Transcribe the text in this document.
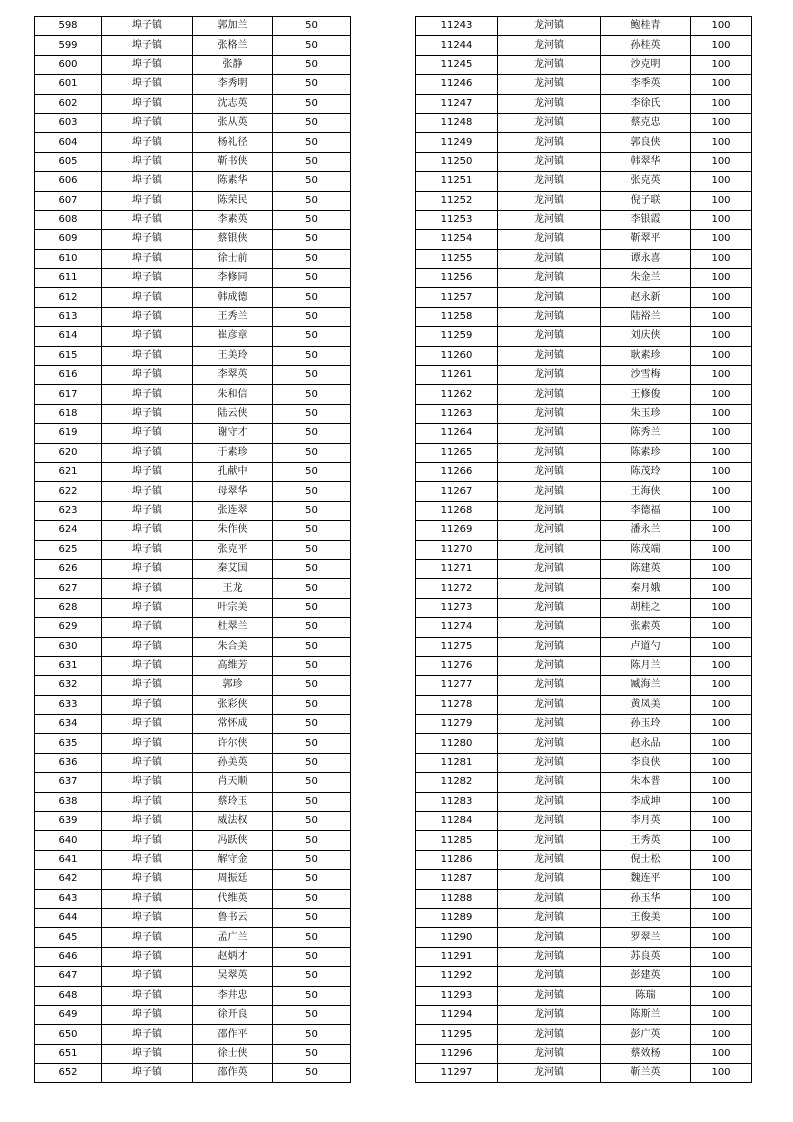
598	埠子镇	郭加兰	50
599	埠子镇	张格兰	50
600	埠子镇	张静	50
601	埠子镇	李秀明	50
602	埠子镇	沈志英	50
603	埠子镇	张从英	50
604	埠子镇	杨礼径	50
605	埠子镇	靳书侠	50
606	埠子镇	陈素华	50
607	埠子镇	陈荣民	50
608	埠子镇	李素英	50
609	埠子镇	蔡银侠	50
610	埠子镇	徐士前	50
611	埠子镇	李修同	50
612	埠子镇	韩成德	50
613	埠子镇	王秀兰	50
614	埠子镇	崔彦章	50
615	埠子镇	王美玲	50
616	埠子镇	李翠英	50
617	埠子镇	朱和信	50
618	埠子镇	陆云侠	50
619	埠子镇	谢守才	50
620	埠子镇	于素珍	50
621	埠子镇	孔献中	50
622	埠子镇	母翠华	50
623	埠子镇	张连翠	50
624	埠子镇	朱作侠	50
625	埠子镇	张克平	50
626	埠子镇	秦艾国	50
627	埠子镇	王龙	50
628	埠子镇	叶宗美	50
629	埠子镇	杜翠兰	50
630	埠子镇	朱合美	50
631	埠子镇	高维芳	50
632	埠子镇	郭珍	50
633	埠子镇	张彩侠	50
634	埠子镇	常怀成	50
635	埠子镇	许尔侠	50
636	埠子镇	孙美英	50
637	埠子镇	肖天顺	50
638	埠子镇	蔡玲玉	50
639	埠子镇	威法权	50
640	埠子镇	冯跃侠	50
641	埠子镇	解守金	50
642	埠子镇	周振廷	50
643	埠子镇	代维英	50
644	埠子镇	鲁书云	50
645	埠子镇	孟广兰	50
646	埠子镇	赵炳才	50
647	埠子镇	吴翠英	50
648	埠子镇	李井忠	50
649	埠子镇	徐开良	50
650	埠子镇	邵作平	50
651	埠子镇	徐士侠	50
652	埠子镇	邵作英	50
11243	龙河镇	鲍桂青	100
11244	龙河镇	孙桂英	100
11245	龙河镇	沙克明	100
11246	龙河镇	李季英	100
11247	龙河镇	李徐氏	100
11248	龙河镇	蔡克忠	100
11249	龙河镇	郭良侠	100
11250	龙河镇	韩翠华	100
11251	龙河镇	张克英	100
11252	龙河镇	倪子联	100
11253	龙河镇	李银霞	100
11254	龙河镇	靳翠平	100
11255	龙河镇	谭永喜	100
11256	龙河镇	朱金兰	100
11257	龙河镇	赵永新	100
11258	龙河镇	陆裕兰	100
11259	龙河镇	刘庆侠	100
11260	龙河镇	耿素珍	100
11261	龙河镇	沙雪梅	100
11262	龙河镇	王修俊	100
11263	龙河镇	朱玉珍	100
11264	龙河镇	陈秀兰	100
11265	龙河镇	陈素珍	100
11266	龙河镇	陈茂玲	100
11267	龙河镇	王海侠	100
11268	龙河镇	李德福	100
11269	龙河镇	潘永兰	100
11270	龙河镇	陈茂端	100
11271	龙河镇	陈建英	100
11272	龙河镇	秦月娥	100
11273	龙河镇	胡桂之	100
11274	龙河镇	张素英	100
11275	龙河镇	卢道勺	100
11276	龙河镇	陈月兰	100
11277	龙河镇	臧海兰	100
11278	龙河镇	黄凤美	100
11279	龙河镇	孙玉玲	100
11280	龙河镇	赵永品	100
11281	龙河镇	李良侠	100
11282	龙河镇	朱本普	100
11283	龙河镇	李成坤	100
11284	龙河镇	李月英	100
11285	龙河镇	王秀英	100
11286	龙河镇	倪士松	100
11287	龙河镇	魏连平	100
11288	龙河镇	孙玉华	100
11289	龙河镇	王俊美	100
11290	龙河镇	罗翠兰	100
11291	龙河镇	苏良英	100
11292	龙河镇	彭建英	100
11293	龙河镇	陈瑞	100
11294	龙河镇	陈斯兰	100
11295	龙河镇	彭广英	100
11296	龙河镇	蔡效杨	100
11297	龙河镇	靳兰英	100
